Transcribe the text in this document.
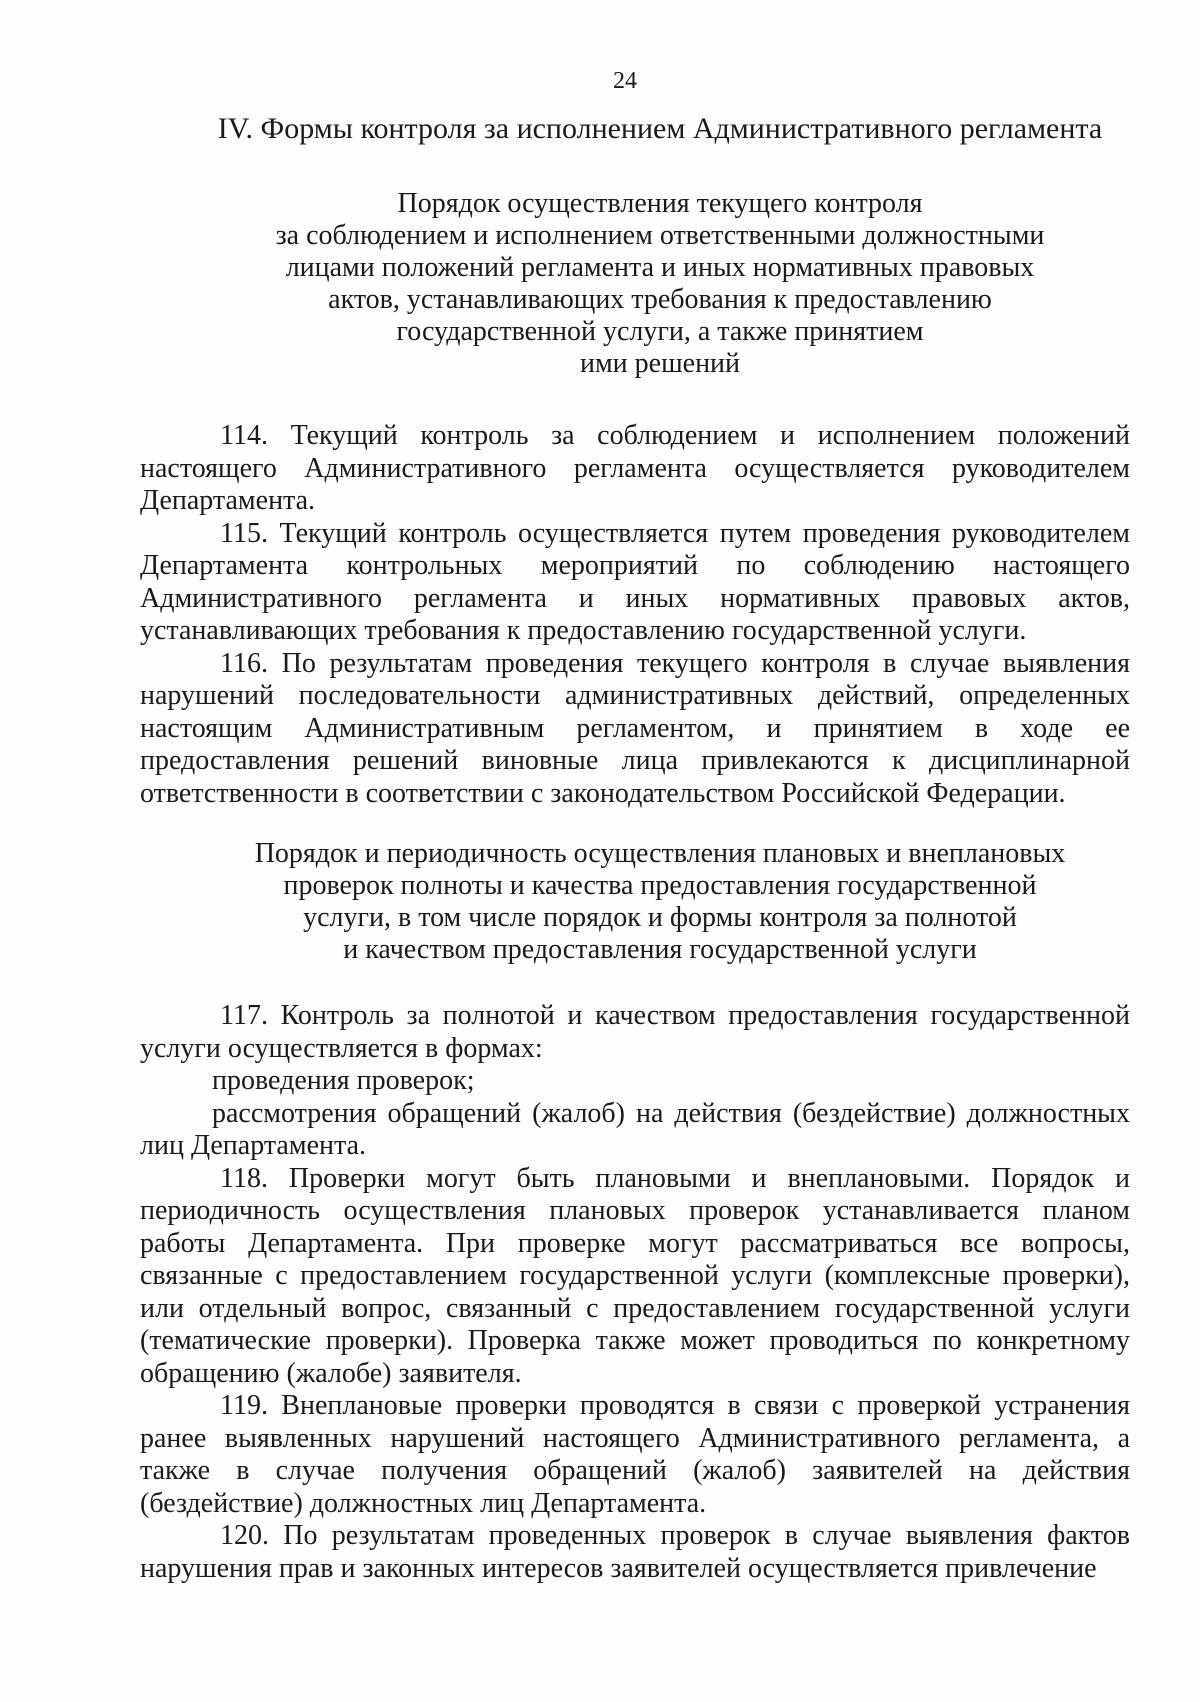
24
IV. Формы контроля за исполнением Административного регламента
Порядок осуществления текущего контроля
за соблюдением и исполнением ответственными должностными
лицами положений регламента и иных нормативных правовых
актов, устанавливающих требования к предоставлению
государственной услуги, а также принятием
ими решений

114. Текущий контроль за соблюдением и исполнением положений настоящего Административного регламента осуществляется руководителем Департамента.

115. Текущий контроль осуществляется путем проведения руководителем Департамента контрольных мероприятий по соблюдению настоящего Административного регламента и иных нормативных правовых актов, устанавливающих требования к предоставлению государственной услуги.

116. По результатам проведения текущего контроля в случае выявления нарушений последовательности административных действий, определенных настоящим Административным регламентом, и принятием в ходе ее предоставления решений виновные лица привлекаются к дисциплинарной ответственности в соответствии с законодательством Российской Федерации.

Порядок и периодичность осуществления плановых и внеплановых
проверок полноты и качества предоставления государственной
услуги, в том числе порядок и формы контроля за полнотой
и качеством предоставления государственной услуги

117. Контроль за полнотой и качеством предоставления государственной услуги осуществляется в формах:

проведения проверок;

рассмотрения обращений (жалоб) на действия (бездействие) должностных лиц Департамента.

118. Проверки могут быть плановыми и внеплановыми. Порядок и периодичность осуществления плановых проверок устанавливается планом работы Департамента. При проверке могут рассматриваться все вопросы, связанные с предоставлением государственной услуги (комплексные проверки), или отдельный вопрос, связанный с предоставлением государственной услуги (тематические проверки). Проверка также может проводиться по конкретному обращению (жалобе) заявителя.

119. Внеплановые проверки проводятся в связи с проверкой устранения ранее выявленных нарушений настоящего Административного регламента, а также в случае получения обращений (жалоб) заявителей на действия (бездействие) должностных лиц Департамента.

120. По результатам проведенных проверок в случае выявления фактов нарушения прав и законных интересов заявителей осуществляется привлечение
